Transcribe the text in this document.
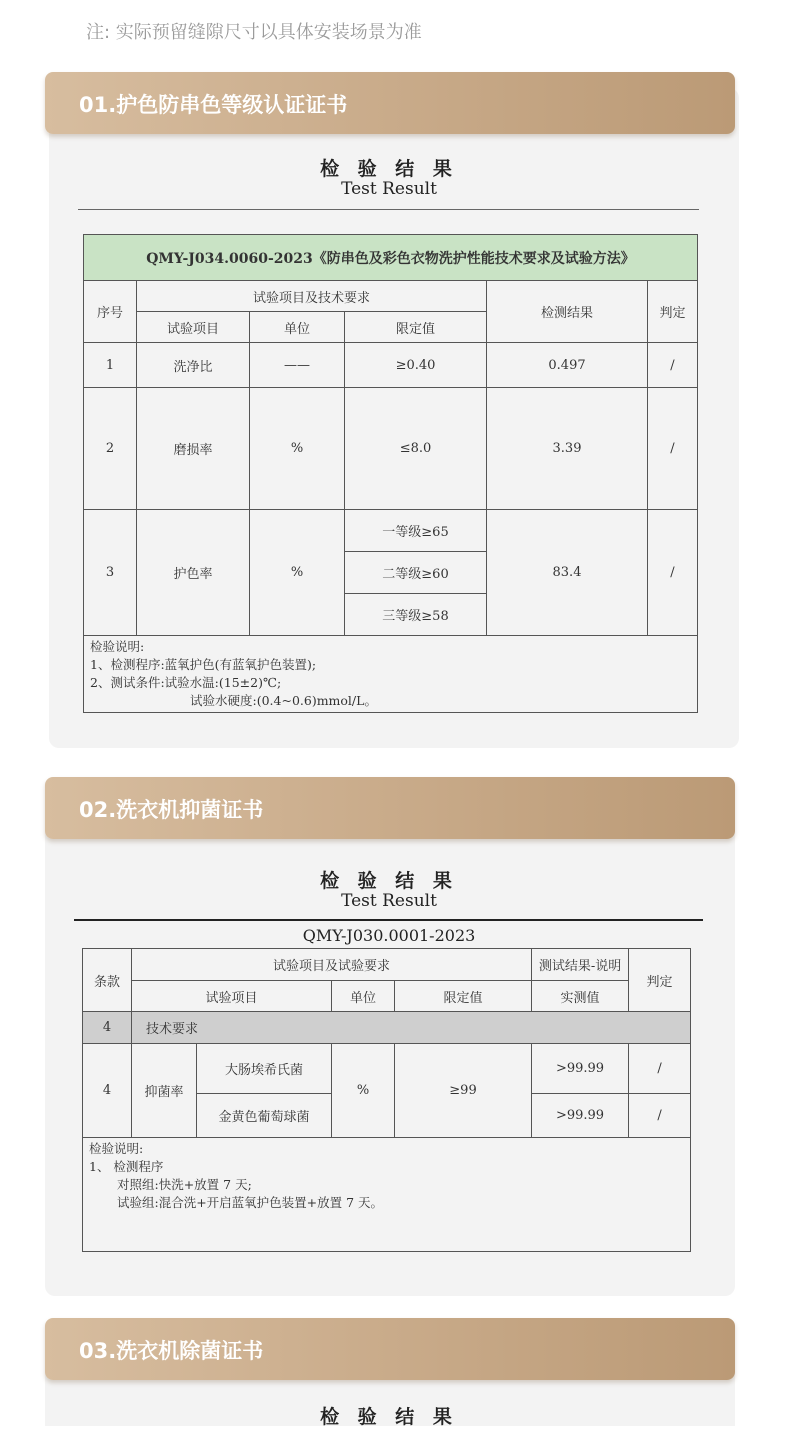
注: 实际预留缝隙尺寸以具体安装场景为准
01.护色防串色等级认证证书
检 验 结 果
Test Result
QMY-J034.0060-2023《防串色及彩色衣物洗护性能技术要求及试验方法》					
序号	试验项目及技术要求			检测结果	判定
	试验项目	单位	限定值		
1	洗净比	——	≥0.40	0.497	/
2	磨损率	%	≤8.0	3.39	/
3	护色率	%	一等级≥65	83.4	/
			二等级≥60		
			三等级≥58		

检验说明:
1、检测程序:蓝氧护色(有蓝氧护色装置);
2、测试条件:试验水温:(15±2)℃;
试验水硬度:(0.4~0.6)mmol/L。					
02.洗衣机抑菌证书
检 验 结 果
Test Result
QMY-J030.0001-2023
条款	试验项目及试验要求				测试结果-说明	判定
	试验项目		单位	限定值	实测值	
4	技术要求					
4	抑菌率	大肠埃希氏菌	%	≥99	>99.99	/
		金黄色葡萄球菌			>99.99	/

检验说明:
1、 检测程序
对照组:快洗+放置 7 天;
试验组:混合洗+开启蓝氧护色装置+放置 7 天。						
03.洗衣机除菌证书
检 验 结 果
